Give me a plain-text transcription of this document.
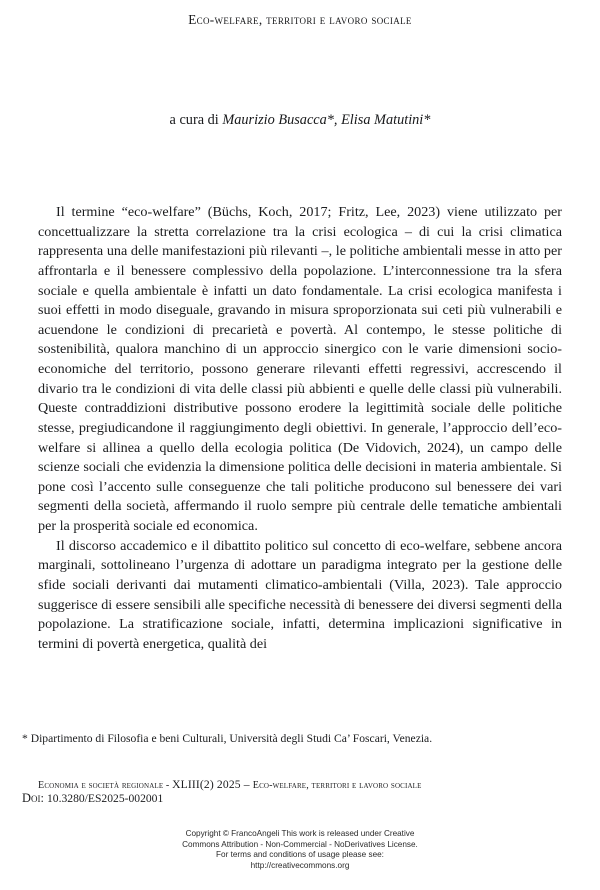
Eco-welfare, territori e lavoro sociale
a cura di Maurizio Busacca*, Elisa Matutini*

Il termine “eco-welfare” (Büchs, Koch, 2017; Fritz, Lee, 2023) viene utilizzato per concettualizzare la stretta correlazione tra la crisi ecologica – di cui la crisi climatica rappresenta una delle manifestazioni più rilevanti –, le politiche ambientali messe in atto per affrontarla e il benessere complessivo della popolazione. L’interconnessione tra la sfera sociale e quella ambientale è infatti un dato fondamentale. La crisi ecologica manifesta i suoi effetti in modo diseguale, gravando in misura sproporzionata sui ceti più vulnerabili e acuendone le condizioni di precarietà e povertà. Al contempo, le stesse politiche di sostenibilità, qualora manchino di un approccio sinergico con le varie dimensioni socio-economiche del territorio, possono generare rilevanti effetti regressivi, accrescendo il divario tra le condizioni di vita delle classi più abbienti e quelle delle classi più vulnerabili. Queste contraddizioni distributive possono erodere la legittimità sociale delle politiche stesse, pregiudicandone il raggiungimento degli obiettivi. In generale, l’approccio dell’eco-welfare si allinea a quello della ecologia politica (De Vidovich, 2024), un campo delle scienze sociali che evidenzia la dimensione politica delle decisioni in materia ambientale. Si pone così l’accento sulle conseguenze che tali politiche producono sul benessere dei vari segmenti della società, affermando il ruolo sempre più centrale delle tematiche ambientali per la prosperità sociale ed economica.

Il discorso accademico e il dibattito politico sul concetto di eco-welfare, sebbene ancora marginali, sottolineano l’urgenza di adottare un paradigma integrato per la gestione delle sfide sociali derivanti dai mutamenti climatico-ambientali (Villa, 2023). Tale approccio suggerisce di essere sensibili alle specifiche necessità di benessere dei diversi segmenti della popolazione. La stratificazione sociale, infatti, determina implicazioni significative in termini di povertà energetica, qualità dei

* Dipartimento di Filosofia e beni Culturali, Università degli Studi Ca’ Foscari, Venezia.
Economia e società regionale - XLIII(2) 2025 – Eco-welfare, territori e lavoro sociale
Doi: 10.3280/ES2025-002001
Copyright © FrancoAngeli This work is released under Creative
Commons Attribution - Non-Commercial - NoDerivatives License.
For terms and conditions of usage please see:
http://creativecommons.org
